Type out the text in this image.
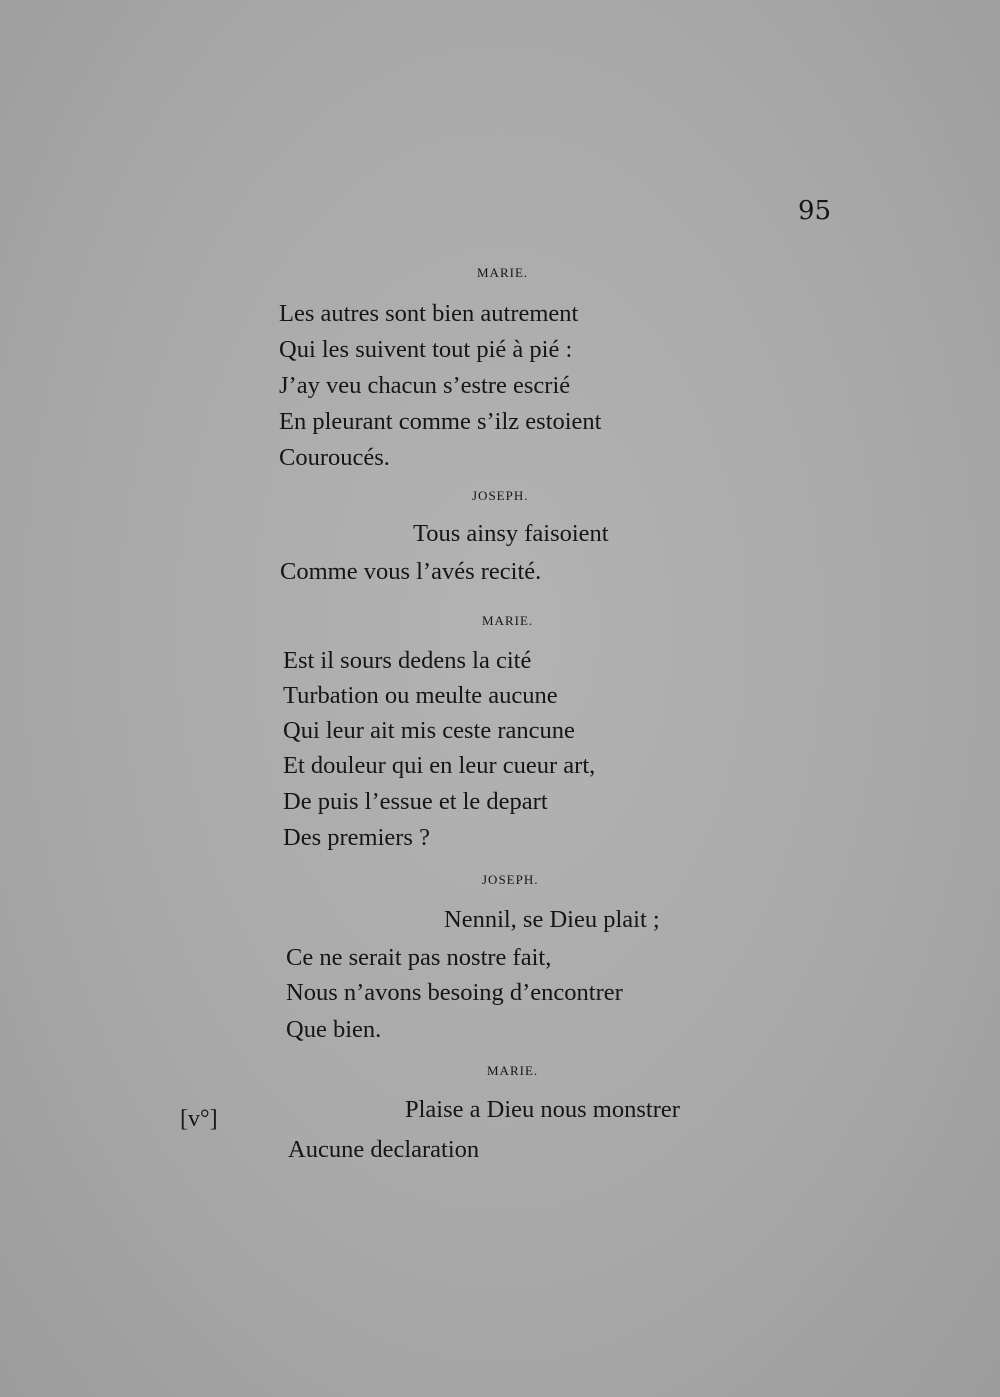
95
MARIE.
Les autres sont bien autrement
Qui les suivent tout pié à pié :
J’ay veu chacun s’estre escrié
En pleurant comme s’ilz estoient
Couroucés.
JOSEPH.
Tous ainsy faisoient
Comme vous l’avés recité.
MARIE.
Est il sours dedens la cité
Turbation ou meulte aucune
Qui leur ait mis ceste rancune
Et douleur qui en leur cueur art,
De puis l’essue et le depart
Des premiers ?
JOSEPH.
Nennil, se Dieu plait ;
Ce ne serait pas nostre fait,
Nous n’avons besoing d’encontrer
Que bien.
MARIE.
[v°]	Plaise a Dieu nous monstrer
Aucune declaration
